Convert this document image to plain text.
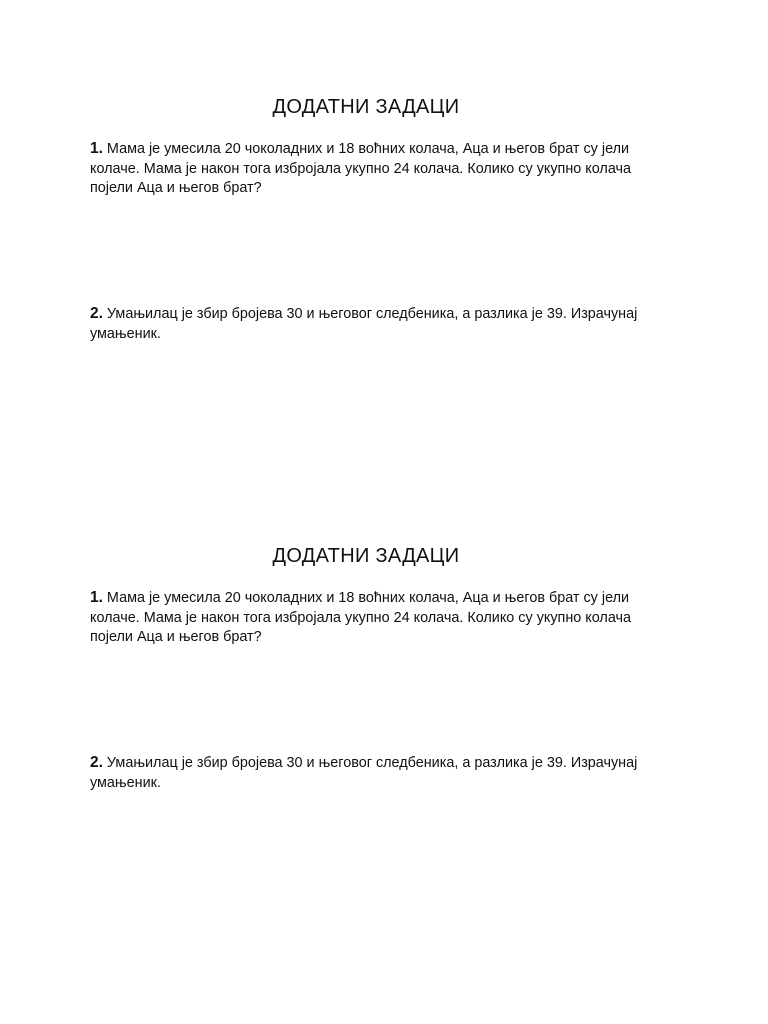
ДОДАТНИ ЗАДАЦИ
1. Мама је умесила 20 чоколадних и 18 воћних колача, Аца и његов брат су јели колаче. Мама је након тога избројала укупно 24 колача. Колико су укупно колача појели Аца и његов брат?
2. Умањилац је збир бројева 30 и његовог следбеника, а разлика је 39. Израчунај умањеник.
ДОДАТНИ ЗАДАЦИ
1. Мама је умесила 20 чоколадних и 18 воћних колача, Аца и његов брат су јели колаче. Мама је након тога избројала укупно 24 колача. Колико су укупно колача појели Аца и његов брат?
2. Умањилац је збир бројева 30 и његовог следбеника, а разлика је 39. Израчунај умањеник.
